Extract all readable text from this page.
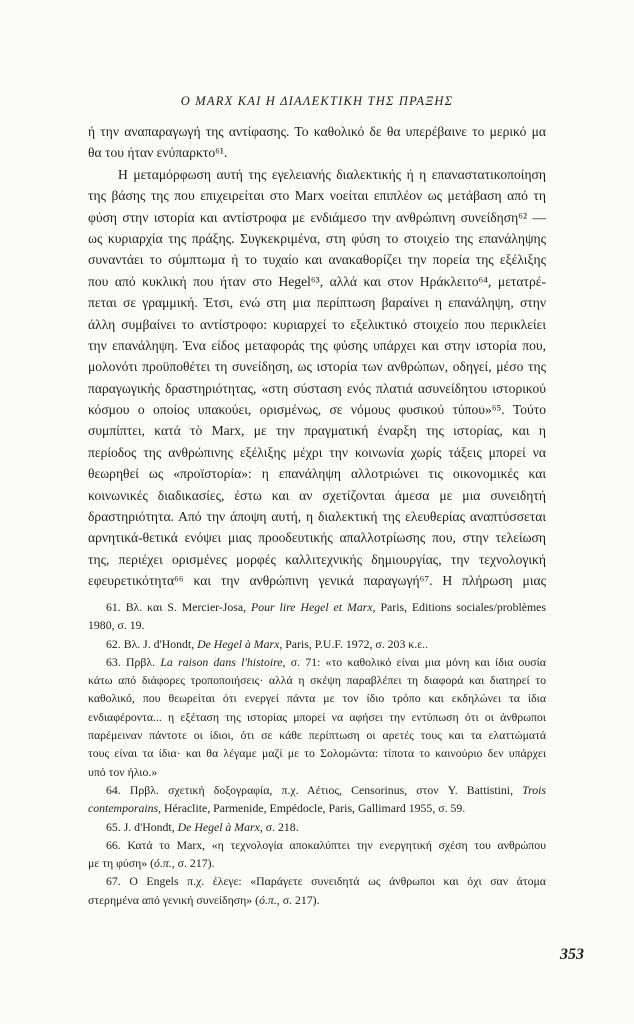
Ο MARX ΚΑΙ Η ΔΙΑΛΕΚΤΙΚΗ ΤΗΣ ΠΡΑΞΗΣ
ή την αναπαραγωγή της αντίφασης. Το καθολικό δε θα υπερέβαινε το μερικό μα
θα του ήταν ενύπαρκτο⁶¹.
Η μεταμόρφωση αυτή της εγελειανής διαλεκτικής ή η επαναστατικοποίηση
της βάσης της που επιχειρείται στο Marx νοείται επιπλέον ως μετάβαση από τη
φύση στην ιστορία και αντίστροφα με ενδιάμεσο την ανθρώπινη συνείδηση⁶² —
ως κυριαρχία της πράξης. Συγκεκριμένα, στη φύση το στοιχείο της επανάληψης
συναντάει το σύμπτωμα ή το τυχαίο και ανακαθορίζει την πορεία της εξέλιξης
που από κυκλική που ήταν στο Hegel⁶³, αλλά και στον Ηράκλειτο⁶⁴, μετατρέ-
πεται σε γραμμική. Έτσι, ενώ στη μια περίπτωση βαραίνει η επανάληψη, στην
άλλη συμβαίνει το αντίστροφο: κυριαρχεί το εξελικτικό στοιχείο που περικλείει
την επανάληψη. Ένα είδος μεταφοράς της φύσης υπάρχει και στην ιστορία που,
μολονότι προϋποθέτει τη συνείδηση, ως ιστορία των ανθρώπων, οδηγεί, μέσο της
παραγωγικής δραστηριότητας, «στη σύσταση ενός πλατιά ασυνείδητου ιστορικού
κόσμου ο οποίος υπακούει, ορισμένως, σε νόμους φυσικού τύπου»⁶⁵. Τούτο
συμπίπτει, κατά τὸ Marx, με την πραγματική έναρξη της ιστορίας, και η
περίοδος της ανθρώπινης εξέλιξης μέχρι την κοινωνία χωρίς τάξεις μπορεί να
θεωρηθεί ως «προϊστορία»: η επανάληψη αλλοτριώνει τις οικονομικές και
κοινωνικές διαδικασίες, έστω και αν σχετίζονται άμεσα με μια συνειδητή
δραστηριότητα. Από την άποψη αυτή, η διαλεκτική της ελευθερίας αναπτύσσεται
αρνητικά-θετικά ενόψει μιας προοδευτικής απαλλοτρίωσης που, στην τελείωση
της, περιέχει ορισμένες μορφές καλλιτεχνικής δημιουργίας, την τεχνολογική
εφευρετικότητα⁶⁶ και την ανθρώπινη γενικά παραγωγή⁶⁷. Η πλήρωση μιας
61. Βλ. και S. Mercier-Josa, Pour lire Hegel et Marx, Paris, Editions sociales/problèmes
1980, σ. 19.
62. Βλ. J. d'Hondt, De Hegel à Marx, Paris, P.U.F. 1972, σ. 203 κ.ε..
63. Πρβλ. La raison dans l'histoire, σ. 71: «το καθολικό είναι μια μόνη και ίδια ουσία
κάτω από διάφορες τροποποιήσεις· αλλά η σκέψη παραβλέπει τη διαφορά και διατηρεί το
καθολικό, που θεωρείται ότι ενεργεί πάντα με τον ίδιο τρόπο και εκδηλώνει τα ίδια
ενδιαφέροντα... η εξέταση της ιστορίας μπορεί να αφήσει την εντύπωση ότι οι άνθρωποι
παρέμειναν πάντοτε οι ίδιοι, ότι σε κάθε περίπτωση οι αρετές τους και τα ελαττώματά
τους είναι τα ίδια· και θα λέγαμε μαζί με το Σολομώντα: τίποτα το καινούριο δεν υπάρχει
υπό τον ήλιο.»
64. Πρβλ. σχετική δοξογραφία, π.χ. Αέτιος, Censorinus, στον Y. Battistini, Trois
contemporains, Héraclite, Parmenide, Empédocle, Paris, Gallimard 1955, σ. 59.
65. J. d'Hondt, De Hegel à Marx, σ. 218.
66. Κατά το Marx, «η τεχνολογία αποκαλύπτει την ενεργητική σχέση του ανθρώπου
με τη φύση» (ό.π., σ. 217).
67. Ο Engels π.χ. έλεγε: «Παράγετε συνειδητά ως άνθρωποι και όχι σαν άτομα
στερημένα από γενική συνείδηση» (ό.π., σ. 217).
353
